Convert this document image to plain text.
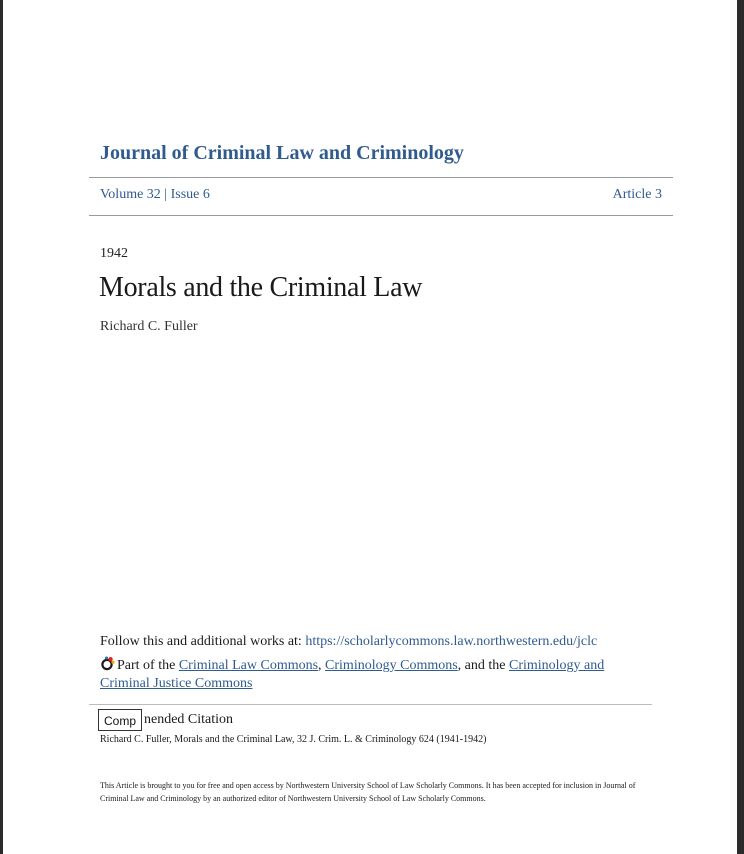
Journal of Criminal Law and Criminology
Volume 32 | Issue 6	Article 3
1942
Morals and the Criminal Law
Richard C. Fuller
Follow this and additional works at: https://scholarlycommons.law.northwestern.edu/jclc
Part of the Criminal Law Commons, Criminology Commons, and the Criminology and Criminal Justice Commons
nended Citation
Comp
Richard C. Fuller, Morals and the Criminal Law, 32 J. Crim. L. & Criminology 624 (1941-1942)
This Article is brought to you for free and open access by Northwestern University School of Law Scholarly Commons. It has been accepted for inclusion in Journal of Criminal Law and Criminology by an authorized editor of Northwestern University School of Law Scholarly Commons.
